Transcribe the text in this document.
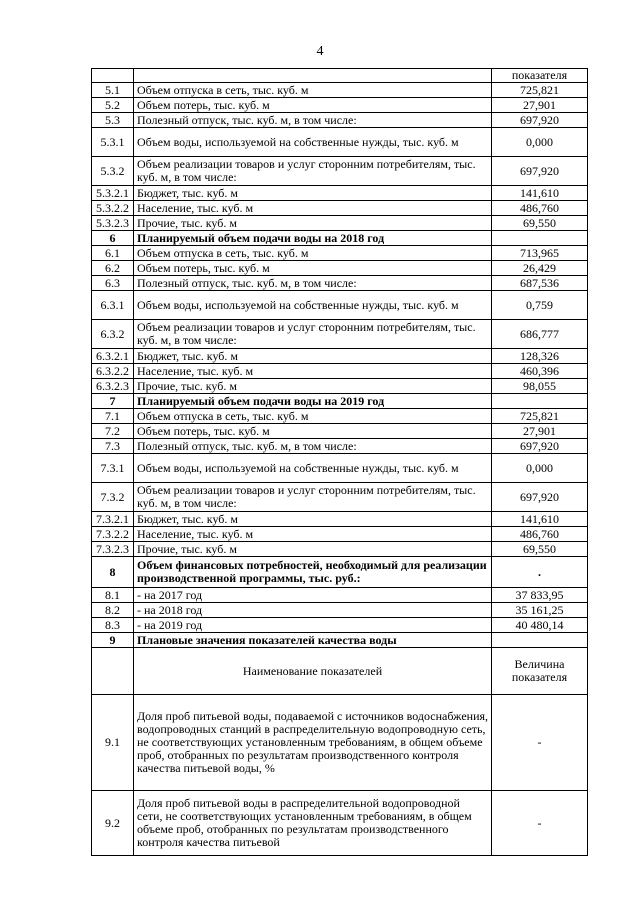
4
		показателя
5.1	Объем отпуска в сеть, тыс. куб. м	725,821
5.2	Объем потерь, тыс. куб. м	27,901
5.3	Полезный отпуск, тыс. куб. м, в том числе:	697,920
5.3.1	Объем воды, используемой на собственные нужды, тыс. куб. м	0,000
5.3.2	Объем реализации товаров и услуг сторонним потребителям, тыс. куб. м, в том числе:	697,920
5.3.2.1	Бюджет, тыс. куб. м	141,610
5.3.2.2	Население, тыс. куб. м	486,760
5.3.2.3	Прочие, тыс. куб. м	69,550
6	Планируемый объем подачи воды на 2018 год	
6.1	Объем отпуска в сеть, тыс. куб. м	713,965
6.2	Объем потерь, тыс. куб. м	26,429
6.3	Полезный отпуск, тыс. куб. м, в том числе:	687,536
6.3.1	Объем воды, используемой на собственные нужды, тыс. куб. м	0,759
6.3.2	Объем реализации товаров и услуг сторонним потребителям, тыс. куб. м, в том числе:	686,777
6.3.2.1	Бюджет, тыс. куб. м	128,326
6.3.2.2	Население, тыс. куб. м	460,396
6.3.2.3	Прочие, тыс. куб. м	98,055
7	Планируемый объем подачи воды на 2019 год	
7.1	Объем отпуска в сеть, тыс. куб. м	725,821
7.2	Объем потерь, тыс. куб. м	27,901
7.3	Полезный отпуск, тыс. куб. м, в том числе:	697,920
7.3.1	Объем воды, используемой на собственные нужды, тыс. куб. м	0,000
7.3.2	Объем реализации товаров и услуг сторонним потребителям, тыс. куб. м, в том числе:	697,920
7.3.2.1	Бюджет, тыс. куб. м	141,610
7.3.2.2	Население, тыс. куб. м	486,760
7.3.2.3	Прочие, тыс. куб. м	69,550
8	Объем финансовых потребностей, необходимый для реализации производственной программы, тыс. руб.:	.
8.1	- на 2017 год	37 833,95
8.2	- на 2018 год	35 161,25
8.3	- на 2019 год	40 480,14
9	Плановые значения показателей качества воды	
	Наименование показателей	Величина показателя
9.1	Доля проб питьевой воды, подаваемой с источников водоснабжения, водопроводных станций в распределительную водопроводную сеть, не соответствующих установленным требованиям, в общем объеме проб, отобранных по результатам производственного контроля качества питьевой воды, %	-
9.2	Доля проб питьевой воды в распределительной водопроводной сети, не соответствующих установленным требованиям, в общем объеме проб, отобранных по результатам производственного контроля качества питьевой	-
